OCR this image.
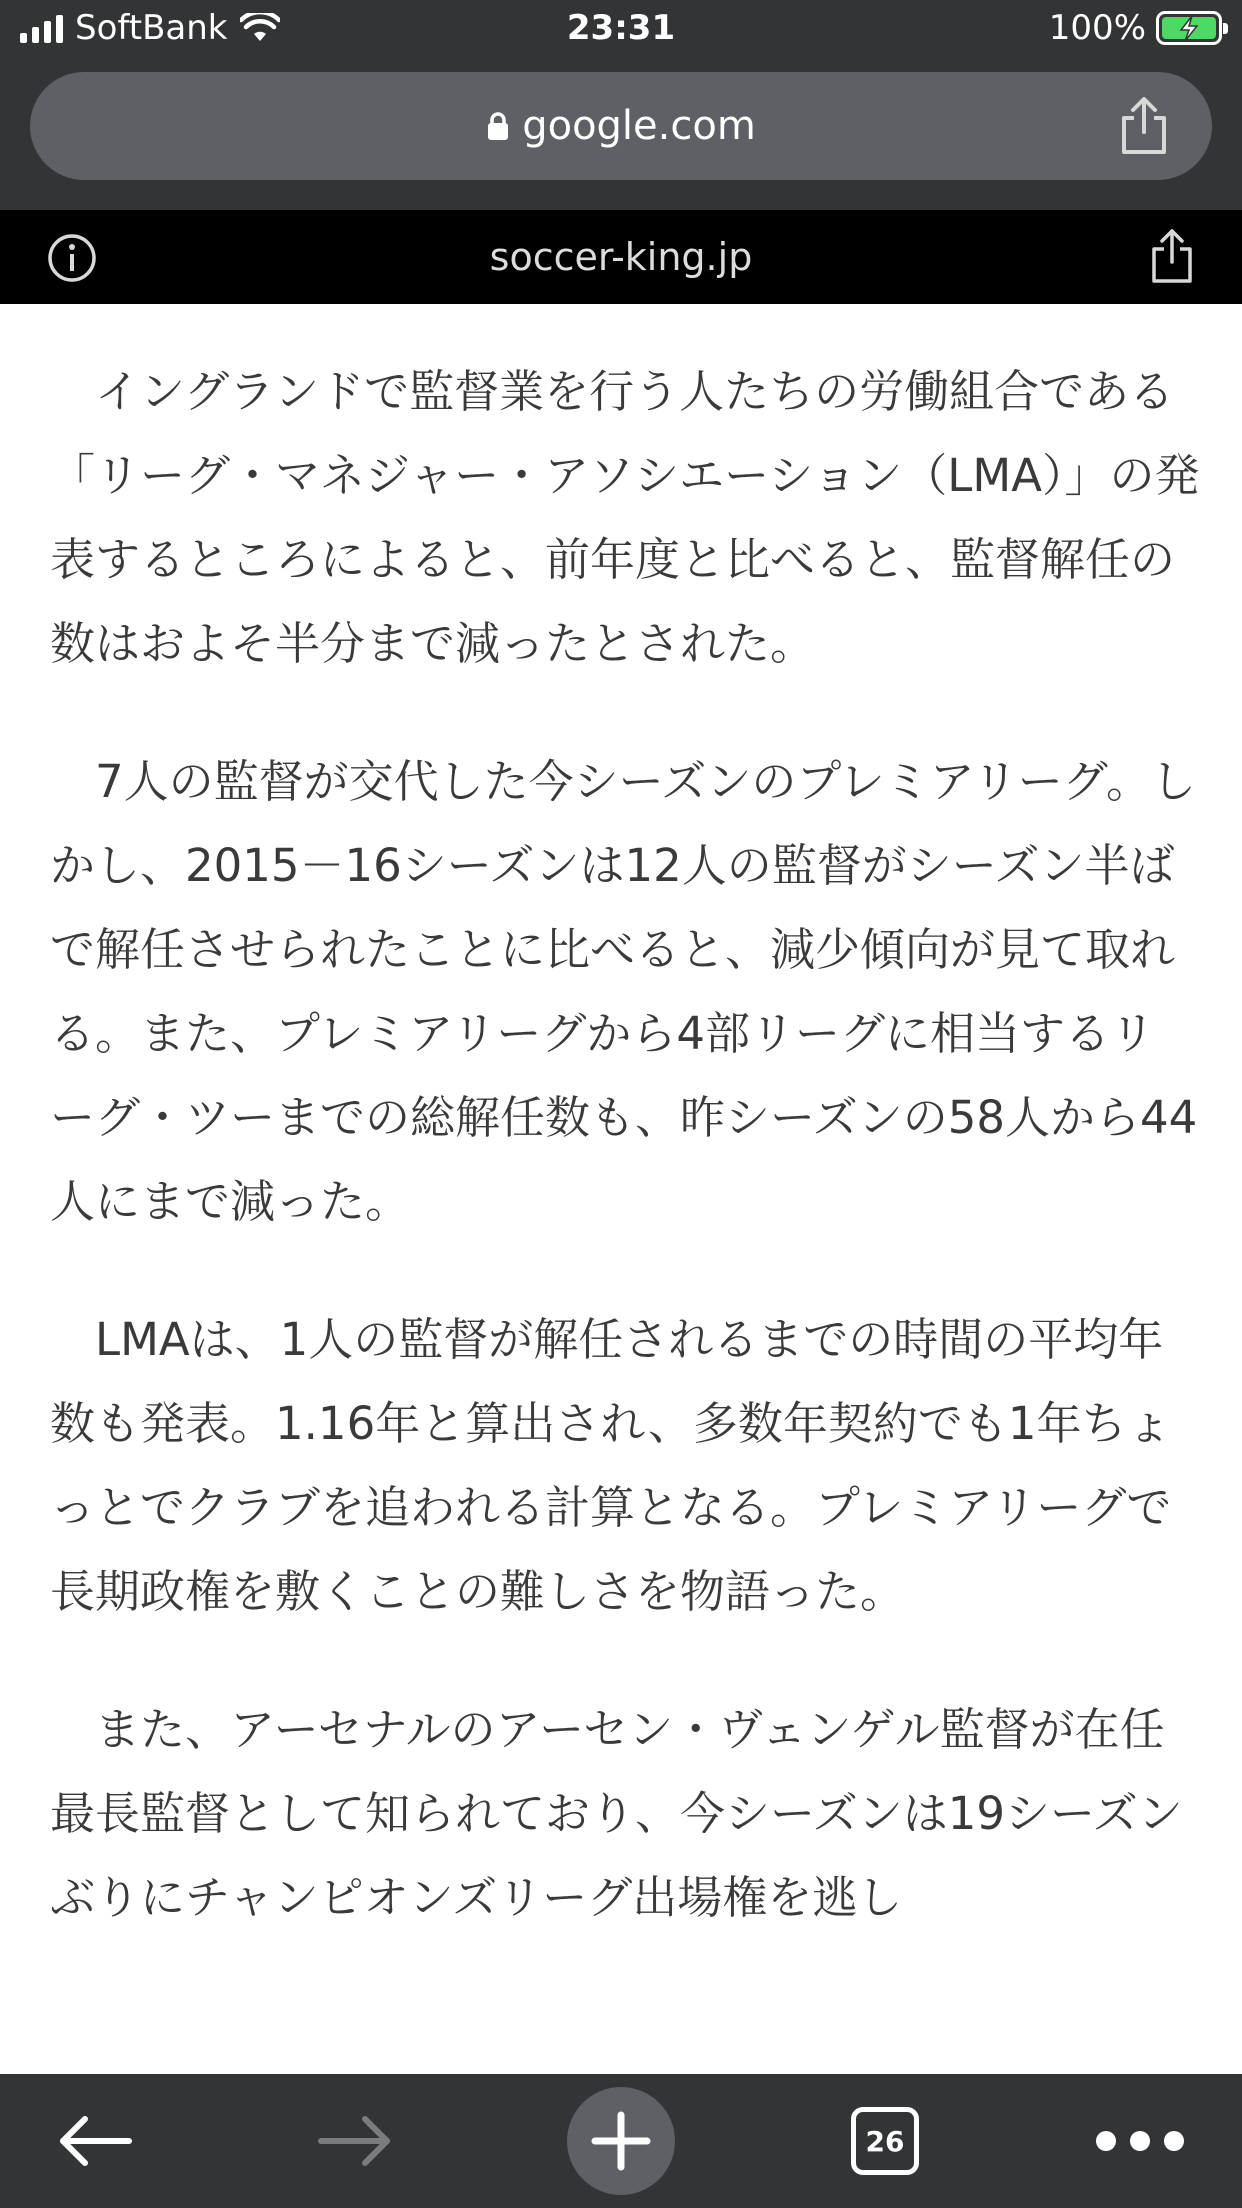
SoftBank	23:31	100%
google.com
soccer-king.jp

イングランドで監督業を行う人たちの労働組合である「リーグ・マネジャー・アソシエーション（LMA）」の発表するところによると、前年度と比べると、監督解任の数はおよそ半分まで減ったとされた。

7人の監督が交代した今シーズンのプレミアリーグ。しかし、2015－16シーズンは12人の監督がシーズン半ばで解任させられたことに比べると、減少傾向が見て取れる。また、プレミアリーグから4部リーグに相当するリーグ・ツーまでの総解任数も、昨シーズンの58人から44人にまで減った。

LMAは、1人の監督が解任されるまでの時間の平均年数も発表。1.16年と算出され、多数年契約でも1年ちょっとでクラブを追われる計算となる。プレミアリーグで長期政権を敷くことの難しさを物語った。

また、アーセナルのアーセン・ヴェンゲル監督が在任最長監督として知られており、今シーズンは19シーズンぶりにチャンピオンズリーグ出場権を逃し

26
